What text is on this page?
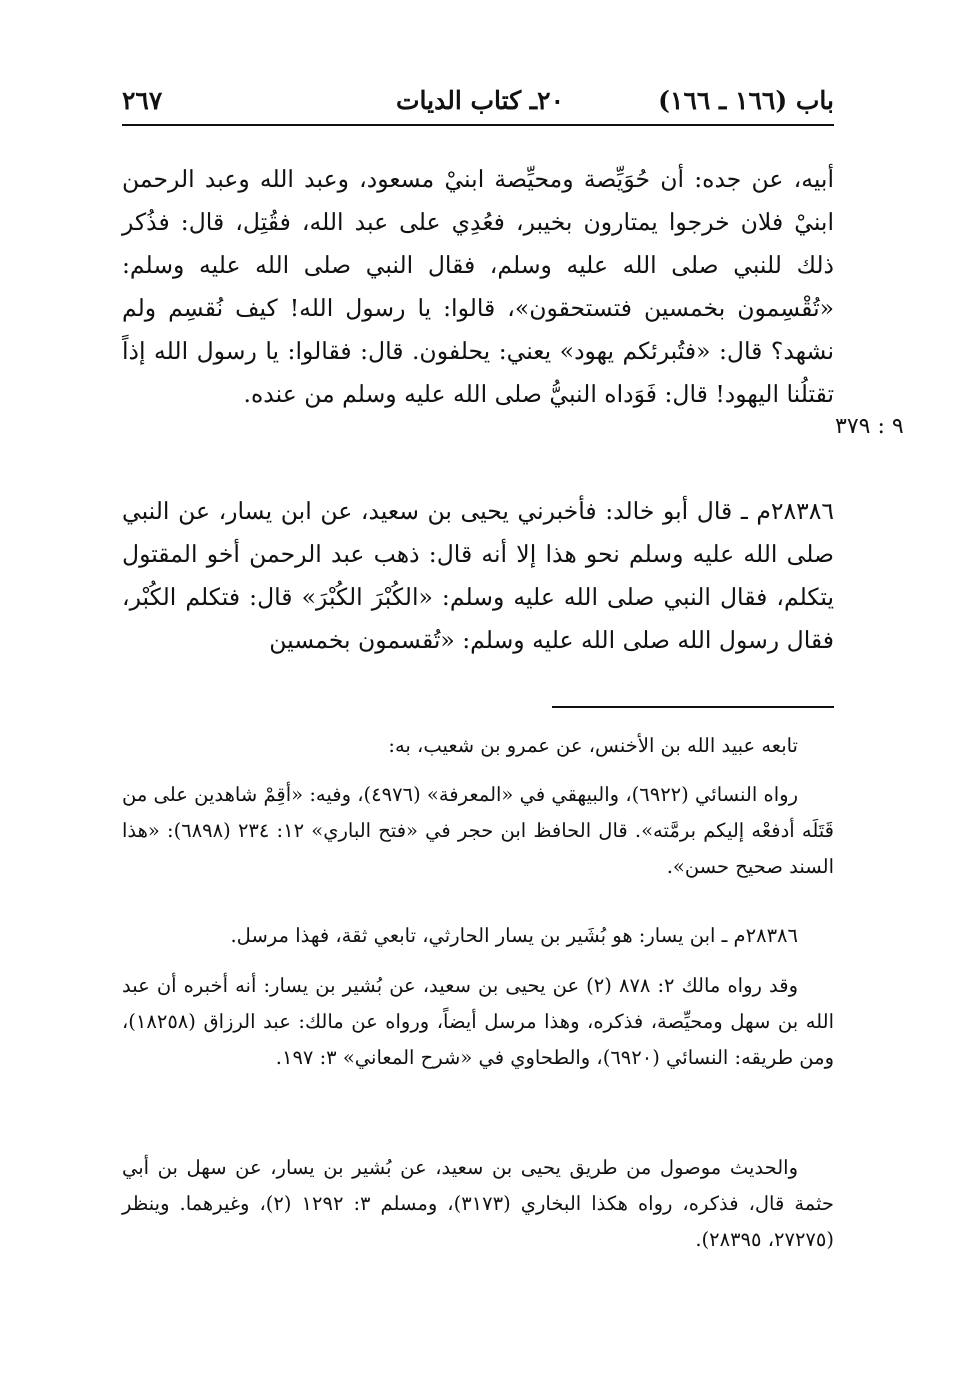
باب (١٦٦ ـ ١٦٦)
٢٠ـ كتاب الديات
٢٦٧

أبيه، عن جده: أن حُوَيِّصة ومحيِّصة ابنيْ مسعود، وعبد الله وعبد الرحمن ابنيْ فلان خرجوا يمتارون بخيبر، فعُدِي على عبد الله، فقُتِل، قال: فذُكر ذلك للنبي صلى الله عليه وسلم، فقال النبي صلى الله عليه وسلم: «تُقْسِمون بخمسين فتستحقون»، قالوا: يا رسول الله! كيف نُقسِم ولم نشهد؟ قال: «فتُبرئكم يهود» يعني: يحلفون. قال: فقالوا: يا رسول الله إذاً تقتلُنا اليهود! قال: فَوَداه النبيُّ صلى الله عليه وسلم من عنده.

٩ : ٣٧٩

٢٨٣٨٦م ـ قال أبو خالد: فأخبرني يحيى بن سعيد، عن ابن يسار، عن النبي صلى الله عليه وسلم نحو هذا إلا أنه قال: ذهب عبد الرحمن أخو المقتول يتكلم، فقال النبي صلى الله عليه وسلم: «الكُبْرَ الكُبْرَ» قال: فتكلم الكُبْر، فقال رسول الله صلى الله عليه وسلم: «تُقسمون بخمسين

تابعه عبيد الله بن الأخنس، عن عمرو بن شعيب، به:

رواه النسائي (٦٩٢٢)، والبيهقي في «المعرفة» (٤٩٧٦)، وفيه: «أقِمْ شاهدين على من قَتَلَه أدفعْه إليكم برمَّته». قال الحافظ ابن حجر في «فتح الباري» ١٢: ٢٣٤ (٦٨٩٨): «هذا السند صحيح حسن».

٢٨٣٨٦م ـ ابن يسار: هو بُشَير بن يسار الحارثي، تابعي ثقة، فهذا مرسل.

وقد رواه مالك ٢: ٨٧٨ (٢) عن يحيى بن سعيد، عن بُشير بن يسار: أنه أخبره أن عبد الله بن سهل ومحيِّصة، فذكره، وهذا مرسل أيضاً، ورواه عن مالك: عبد الرزاق (١٨٢٥٨)، ومن طريقه: النسائي (٦٩٢٠)، والطحاوي في «شرح المعاني» ٣: ١٩٧.

والحديث موصول من طريق يحيى بن سعيد، عن بُشير بن يسار، عن سهل بن أبي حثمة قال، فذكره، رواه هكذا البخاري (٣١٧٣)، ومسلم ٣: ١٢٩٢ (٢)، وغيرهما. وينظر (٢٧٢٧٥، ٢٨٣٩٥).
